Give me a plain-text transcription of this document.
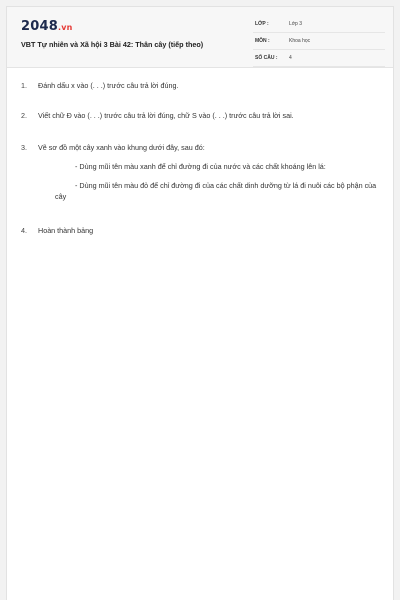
2048.vn
VBT Tự nhiên và Xã hội 3 Bài 42: Thân cây (tiếp theo)
LỚP :	Lớp 3
MÔN :	Khoa học
SỐ CÂU : 4
1. Đánh dấu x vào (. . .) trước câu trả lời đúng.
2. Viết chữ Đ vào (. . .) trước câu trả lời đúng, chữ S vào (. . .) trước câu trả lời sai.
3. Vẽ sơ đồ một cây xanh vào khung dưới đây, sau đó:
- Dùng mũi tên màu xanh để chỉ đường đi của nước và các chất khoáng lên lá:
- Dùng mũi tên màu đỏ để chỉ đường đi của các chất dinh dưỡng từ lá đi nuôi các bộ phận của cây
4. Hoàn thành bảng
